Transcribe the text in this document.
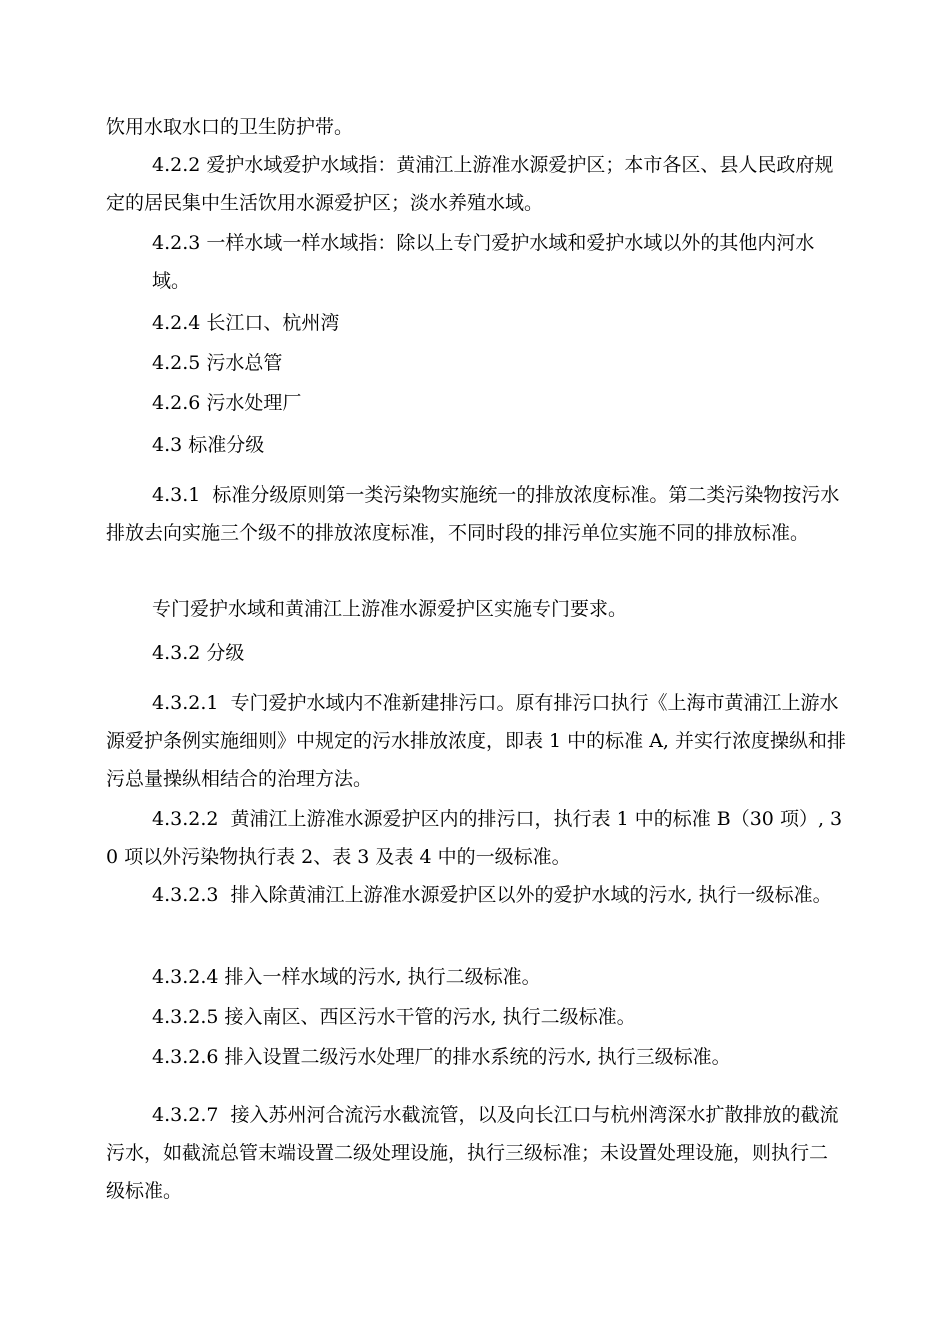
饮用水取水口的卫生防护带。

4.2.2 爱护水域爱护水域指：黄浦江上游准水源爱护区；本市各区、县人民政府规定的居民集中生活饮用水源爱护区；淡水养殖水域。

4.2.3 一样水域一样水域指：除以上专门爱护水域和爱护水域以外的其他内河水域。

4.2.4 长江口、杭州湾

4.2.5 污水总管

4.2.6 污水处理厂

4.3 标准分级

4.3.1  标准分级原则第一类污染物实施统一的排放浓度标准。第二类污染物按污水排放去向实施三个级不的排放浓度标准，不同时段的排污单位实施不同的排放标准。

专门爱护水域和黄浦江上游准水源爱护区实施专门要求。

4.3.2 分级

4.3.2.1  专门爱护水域内不准新建排污口。原有排污口执行《上海市黄浦江上游水源爱护条例实施细则》中规定的污水排放浓度，即表 1 中的标准 A, 并实行浓度操纵和排污总量操纵相结合的治理方法。

4.3.2.2  黄浦江上游准水源爱护区内的排污口，执行表 1 中的标准 B（30 项）, 30 项以外污染物执行表 2、表 3 及表 4 中的一级标准。

4.3.2.3  排入除黄浦江上游准水源爱护区以外的爱护水域的污水, 执行一级标准。

4.3.2.4 排入一样水域的污水, 执行二级标准。

4.3.2.5 接入南区、西区污水干管的污水, 执行二级标准。

4.3.2.6 排入设置二级污水处理厂的排水系统的污水, 执行三级标准。

4.3.2.7  接入苏州河合流污水截流管，以及向长江口与杭州湾深水扩散排放的截流污水，如截流总管末端设置二级处理设施，执行三级标准；未设置处理设施，则执行二级标准。
